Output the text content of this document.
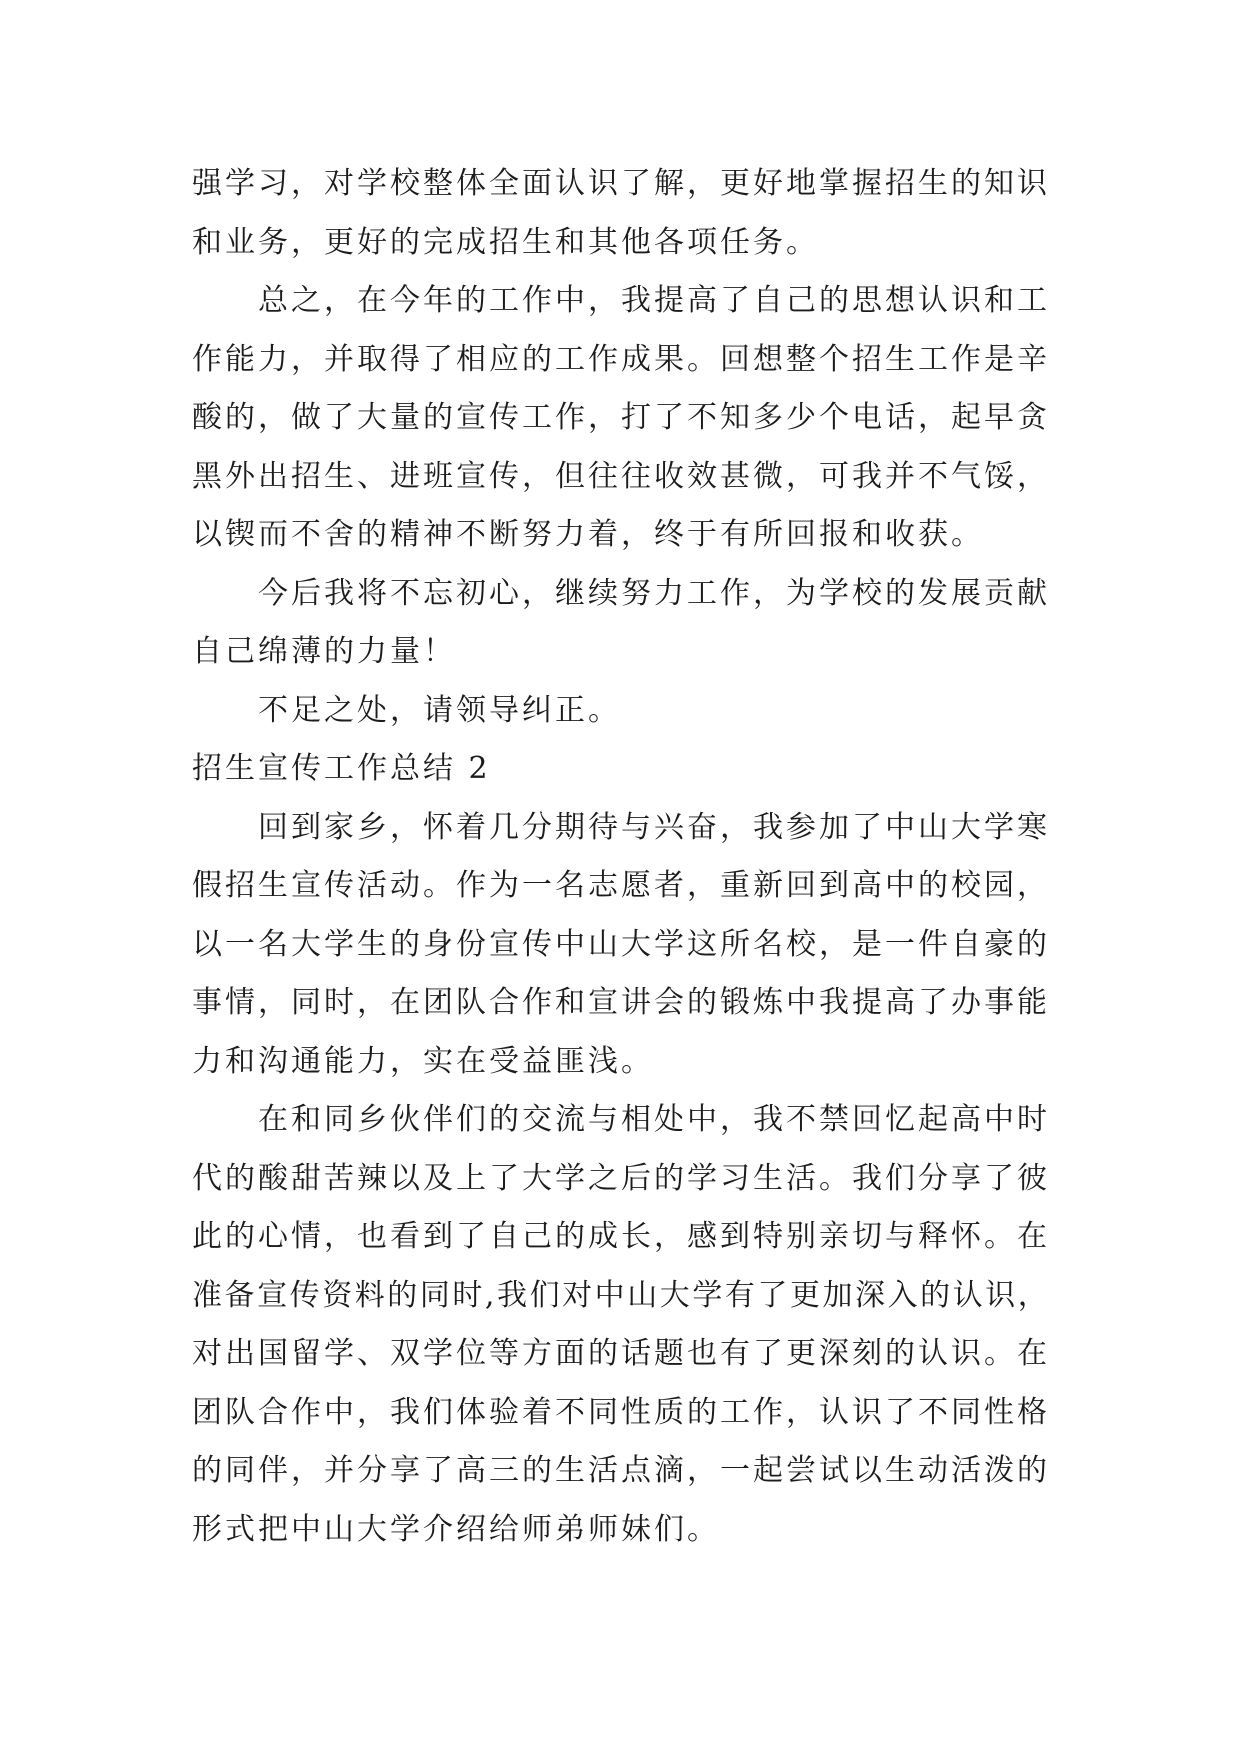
强学习，对学校整体全面认识了解，更好地掌握招生的知识
和业务，更好的完成招生和其他各项任务。
总之，在今年的工作中，我提高了自己的思想认识和工
作能力，并取得了相应的工作成果。回想整个招生工作是辛
酸的，做了大量的宣传工作，打了不知多少个电话，起早贪
黑外出招生、进班宣传，但往往收效甚微，可我并不气馁，
以锲而不舍的精神不断努力着，终于有所回报和收获。
今后我将不忘初心，继续努力工作，为学校的发展贡献
自己绵薄的力量！
不足之处，请领导纠正。
招生宣传工作总结 2
回到家乡，怀着几分期待与兴奋，我参加了中山大学寒
假招生宣传活动。作为一名志愿者，重新回到高中的校园，
以一名大学生的身份宣传中山大学这所名校，是一件自豪的
事情，同时，在团队合作和宣讲会的锻炼中我提高了办事能
力和沟通能力，实在受益匪浅。
在和同乡伙伴们的交流与相处中，我不禁回忆起高中时
代的酸甜苦辣以及上了大学之后的学习生活。我们分享了彼
此的心情，也看到了自己的成长，感到特别亲切与释怀。在
准备宣传资料的同时,我们对中山大学有了更加深入的认识，
对出国留学、双学位等方面的话题也有了更深刻的认识。在
团队合作中，我们体验着不同性质的工作，认识了不同性格
的同伴，并分享了高三的生活点滴，一起尝试以生动活泼的
形式把中山大学介绍给师弟师妹们。
